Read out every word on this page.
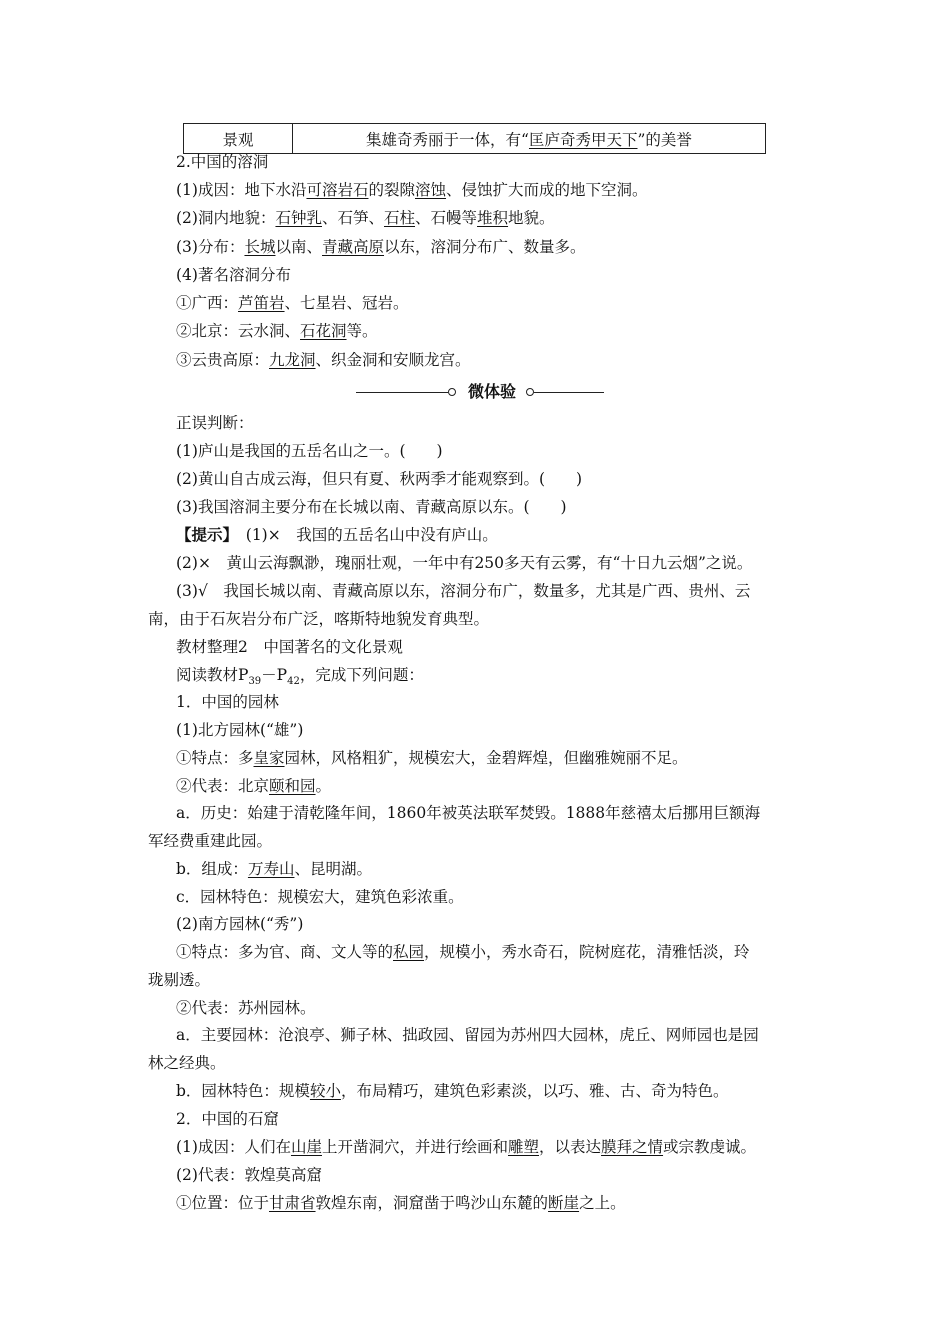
景观	集雄奇秀丽于一体，有“匡庐奇秀甲天下”的美誉
2.中国的溶洞
(1)成因：地下水沿可溶岩石的裂隙溶蚀、侵蚀扩大而成的地下空洞。
(2)洞内地貌：石钟乳、石笋、石柱、石幔等堆积地貌。
(3)分布：长城以南、青藏高原以东，溶洞分布广、数量多。
(4)著名溶洞分布
①广西：芦笛岩、七星岩、冠岩。
②北京：云水洞、石花洞等。
③云贵高原：九龙洞、织金洞和安顺龙宫。
微体验
正误判断：
(1)庐山是我国的五岳名山之一。(　　)
(2)黄山自古成云海，但只有夏、秋两季才能观察到。(　　)
(3)我国溶洞主要分布在长城以南、青藏高原以东。(　　)
【提示】　(1)×　我国的五岳名山中没有庐山。
(2)×　黄山云海飘渺，瑰丽壮观，一年中有250多天有云雾，有“十日九云烟”之说。
(3)√　我国长城以南、青藏高原以东，溶洞分布广，数量多，尤其是广西、贵州、云
南，由于石灰岩分布广泛，喀斯特地貌发育典型。
教材整理2　中国著名的文化景观
阅读教材$P_{39}-P_{42}$，完成下列问题：
1．中国的园林
(1)北方园林(“雄”)
①特点：多皇家园林，风格粗犷，规模宏大，金碧辉煌，但幽雅婉丽不足。
②代表：北京颐和园。
a．历史：始建于清乾隆年间，1860年被英法联军焚毁。1888年慈禧太后挪用巨额海
军经费重建此园。
b．组成：万寿山、昆明湖。
c．园林特色：规模宏大，建筑色彩浓重。
(2)南方园林(“秀”)
①特点：多为官、商、文人等的私园，规模小，秀水奇石，院树庭花，清雅恬淡，玲
珑剔透。
②代表：苏州园林。
a．主要园林：沧浪亭、狮子林、拙政园、留园为苏州四大园林，虎丘、网师园也是园
林之经典。
b．园林特色：规模较小，布局精巧，建筑色彩素淡，以巧、雅、古、奇为特色。
2．中国的石窟
(1)成因：人们在山崖上开凿洞穴，并进行绘画和雕塑，以表达膜拜之情或宗教虔诚。
(2)代表：敦煌莫高窟
①位置：位于甘肃省敦煌东南，洞窟凿于鸣沙山东麓的断崖之上。
